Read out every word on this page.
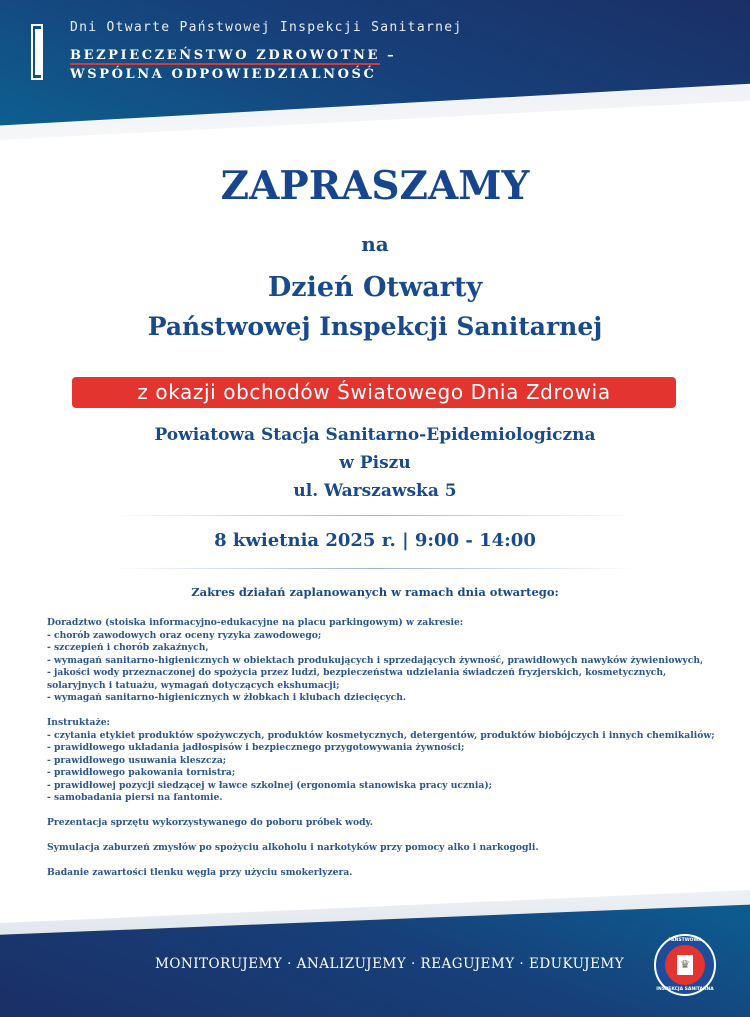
Dni Otwarte Państwowej Inspekcji Sanitarnej
BEZPIECZEŃSTWO ZDROWOTNE –
WSPÓLNA ODPOWIEDZIALNOŚĆ
ZAPRASZAMY
na
Dzień Otwarty
Państwowej Inspekcji Sanitarnej
z okazji obchodów Światowego Dnia Zdrowia
Powiatowa Stacja Sanitarno-Epidemiologiczna
w Piszu
ul. Warszawska 5
8 kwietnia 2025 r. | 9:00 - 14:00
Zakres działań zaplanowanych w ramach dnia otwartego:

Doradztwo (stoiska informacyjno-edukacyjne na placu parkingowym) w zakresie:

- chorób zawodowych oraz oceny ryzyka zawodowego;

- szczepień i chorób zakaźnych,

- wymagań sanitarno-higienicznych w obiektach produkujących i sprzedających żywność, prawidłowych nawyków żywieniowych,

- jakości wody przeznaczonej do spożycia przez ludzi, bezpieczeństwa udzielania świadczeń fryzjerskich, kosmetycznych, solaryjnych i tatuażu, wymagań dotyczących ekshumacji;

- wymagań sanitarno-higienicznych w żłobkach i klubach dziecięcych.

Instruktaże:

- czytania etykiet produktów spożywczych, produktów kosmetycznych, detergentów, produktów biobójczych i innych chemikaliów;

- prawidłowego układania jadłospisów i bezpiecznego przygotowywania żywności;

- prawidłowego usuwania kleszcza;

- prawidłowego pakowania tornistra;

- prawidłowej pozycji siedzącej w ławce szkolnej (ergonomia stanowiska pracy ucznia);

- samobadania piersi na fantomie.

Prezentacja sprzętu wykorzystywanego do poboru próbek wody.

Symulacja zaburzeń zmysłów po spożyciu alkoholu i narkotyków przy pomocy alko i narkogogli.

Badanie zawartości tlenku węgla przy użyciu smokerlyzera.

MONITORUJEMY · ANALIZUJEMY · REAGUJEMY · EDUKUJEMY
PAŃSTWOWA
♛
INSPEKCJA SANITARNA
